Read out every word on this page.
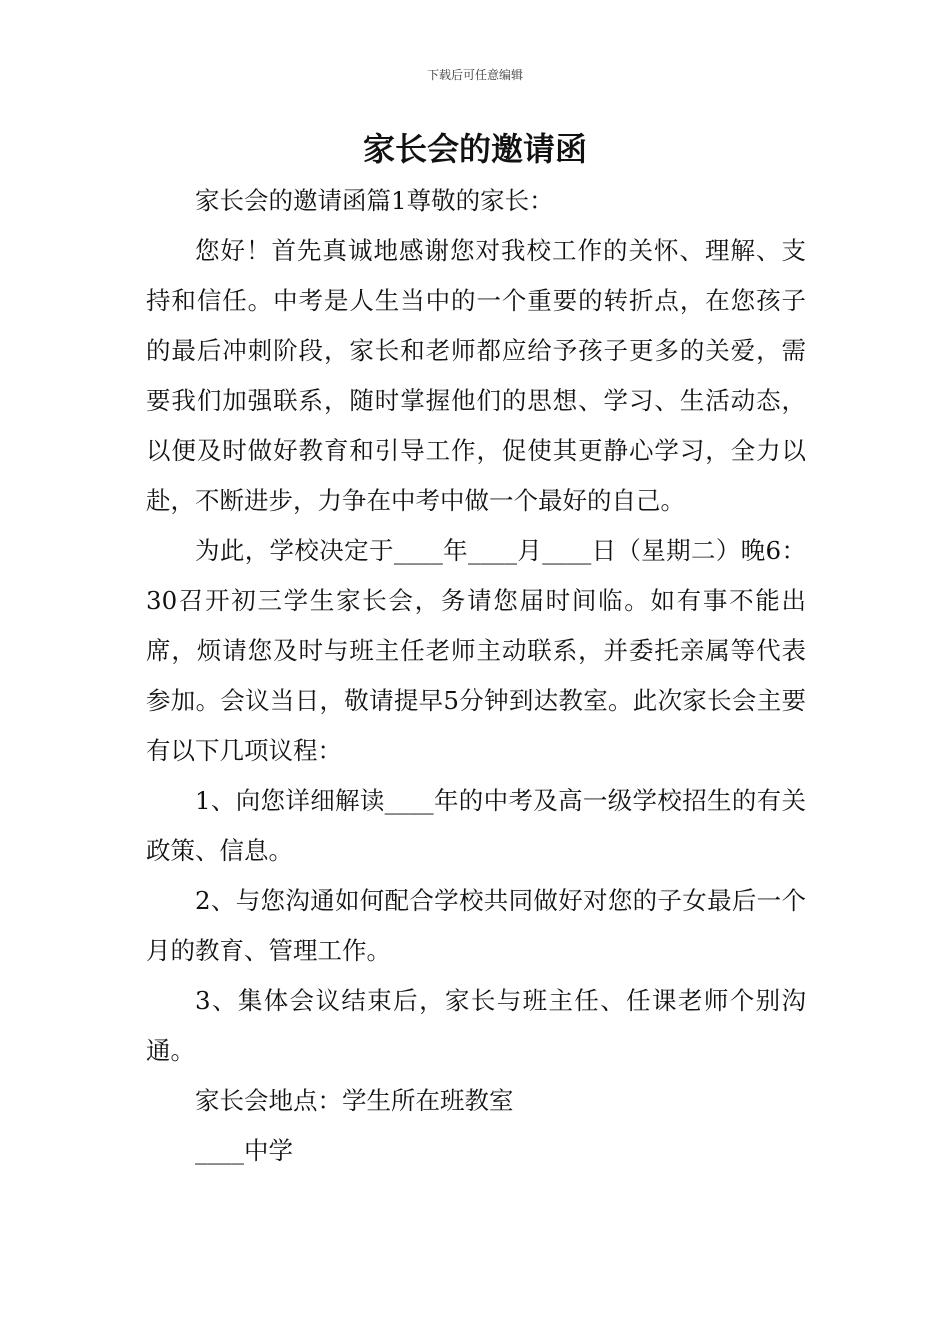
下载后可任意编辑
家长会的邀请函

家长会的邀请函篇1尊敬的家长：

您好！首先真诚地感谢您对我校工作的关怀、理解、支持和信任。中考是人生当中的一个重要的转折点，在您孩子的最后冲刺阶段，家长和老师都应给予孩子更多的关爱，需要我们加强联系，随时掌握他们的思想、学习、生活动态，以便及时做好教育和引导工作，促使其更静心学习，全力以赴，不断进步，力争在中考中做一个最好的自己。

为此，学校决定于____年____月____日（星期二）晚6：30召开初三学生家长会，务请您届时间临。如有事不能出席，烦请您及时与班主任老师主动联系，并委托亲属等代表参加。会议当日，敬请提早5分钟到达教室。此次家长会主要有以下几项议程：

1、向您详细解读____年的中考及高一级学校招生的有关政策、信息。

2、与您沟通如何配合学校共同做好对您的子女最后一个月的教育、管理工作。

3、集体会议结束后，家长与班主任、任课老师个别沟通。

家长会地点：学生所在班教室

____中学
